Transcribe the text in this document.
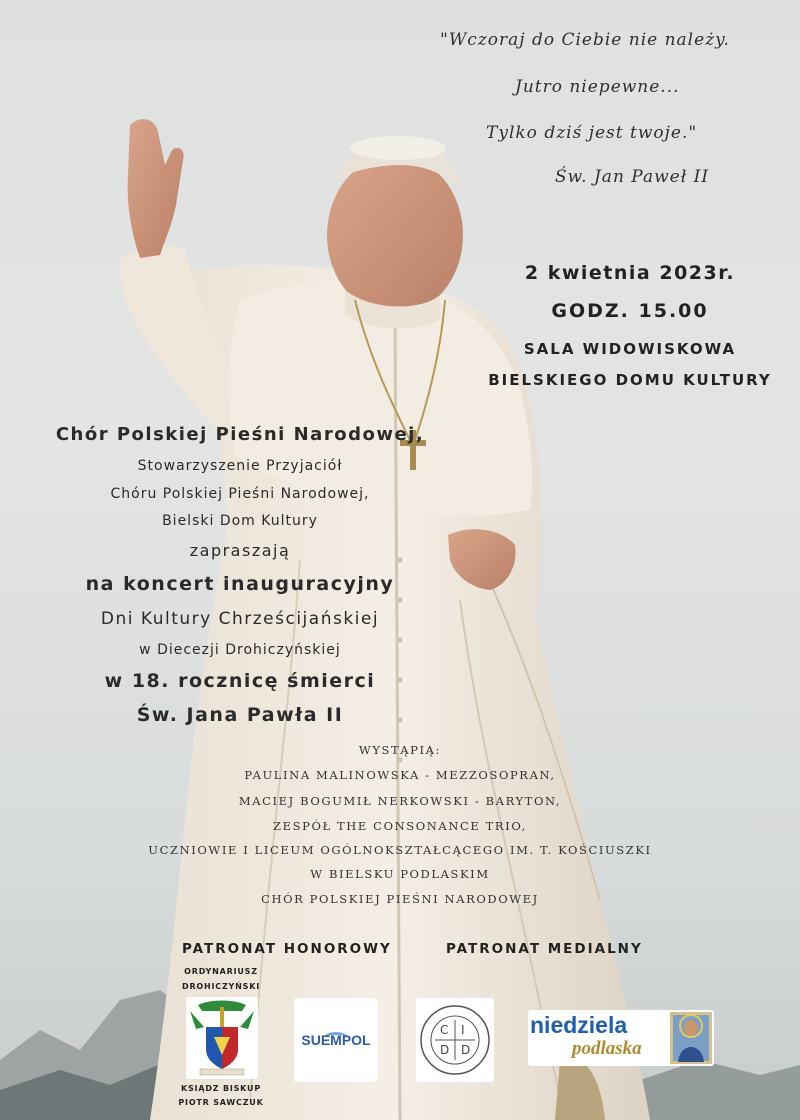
"Wczoraj do Ciebie nie należy.
Jutro niepewne...
Tylko dziś jest twoje."
Św. Jan Paweł II
2 kwietnia 2023r.
GODZ. 15.00
SALA WIDOWISKOWA
BIELSKIEGO DOMU KULTURY
Chór Polskiej Pieśni Narodowej,
Stowarzyszenie Przyjaciół
Chóru Polskiej Pieśni Narodowej,
Bielski Dom Kultury
zapraszają
na koncert inauguracyjny
Dni Kultury Chrześcijańskiej
w Diecezji Drohiczyńskiej
w 18. rocznicę śmierci
Św. Jana Pawła II
WYSTĄPIĄ:
PAULINA MALINOWSKA - MEZZOSOPRAN,
MACIEJ BOGUMIŁ NERKOWSKI - BARYTON,
ZESPÓŁ THE CONSONANCE TRIO,
UCZNIOWIE I LICEUM OGÓLNOKSZTAŁCĄCEGO IM. T. KOŚCIUSZKI
W BIELSKU PODLASKIM
CHÓR POLSKIEJ PIEŚNI NARODOWEJ
PATRONAT HONOROWY	PATRONAT MEDIALNY
ORDYNARIUSZ
DROHICZYŃSKI
KSIĄDZ BISKUP
PIOTR SAWCZUK
SUEMPOL
C I
D D
niedziela
podlaska
